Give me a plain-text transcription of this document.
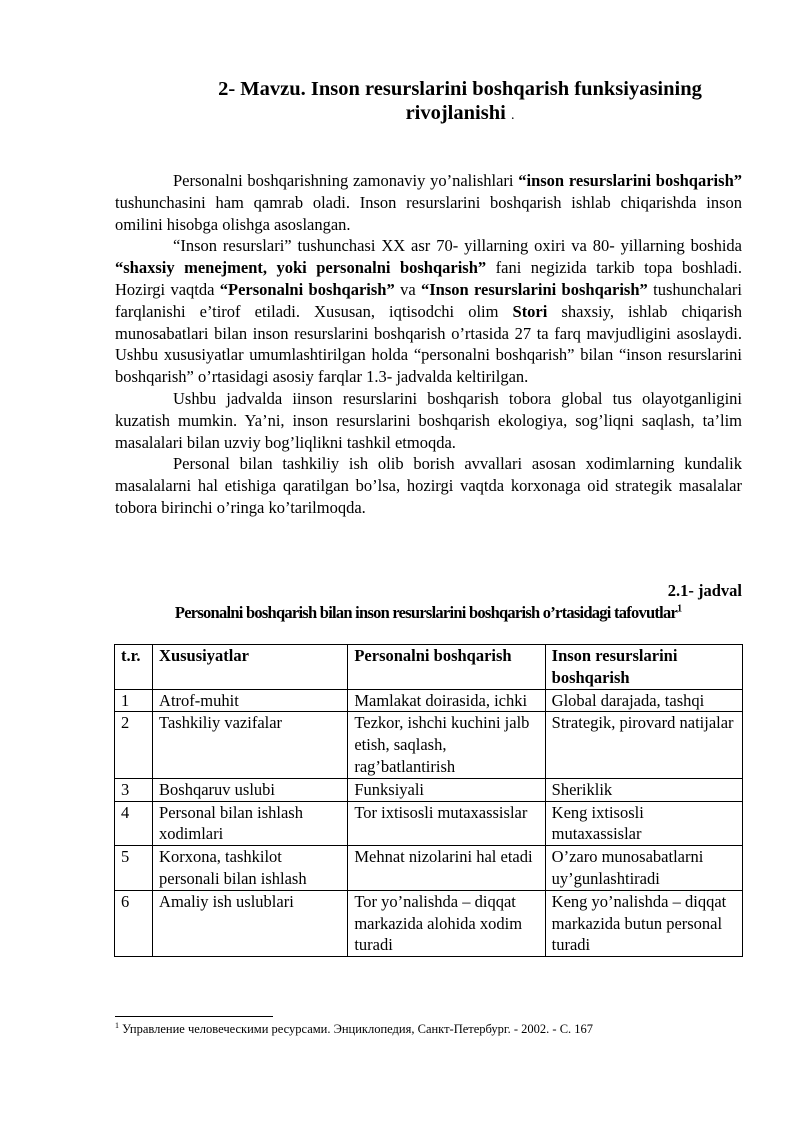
2- Mavzu. Inson resurslarini boshqarish funksiyasining
rivojlanishi .

Personalni boshqarishning zamonaviy yo’nalishlari “inson resurslarini boshqarish” tushunchasini ham qamrab oladi. Inson resurslarini boshqarish ishlab chiqarishda inson omilini hisobga olishga asoslangan.

“Inson resurslari” tushunchasi XX asr 70- yillarning oxiri va 80- yillarning boshida “shaxsiy menejment, yoki personalni boshqarish” fani negizida tarkib topa boshladi. Hozirgi vaqtda “Personalni boshqarish” va “Inson resurslarini boshqarish” tushunchalari farqlanishi e’tirof etiladi. Xususan, iqtisodchi olim Stori shaxsiy, ishlab chiqarish munosabatlari bilan inson resurslarini boshqarish o’rtasida 27 ta farq mavjudligini asoslaydi. Ushbu xususiyatlar umumlashtirilgan holda “personalni boshqarish” bilan “inson resurslarini boshqarish” o’rtasidagi asosiy farqlar 1.3- jadvalda keltirilgan.

Ushbu jadvalda iinson resurslarini boshqarish tobora global tus olayotganligini kuzatish mumkin. Ya’ni, inson resurslarini boshqarish ekologiya, sog’liqni saqlash, ta’lim masalalari bilan uzviy bog’liqlikni tashkil etmoqda.

Personal bilan tashkiliy ish olib borish avvallari asosan xodimlarning kundalik masalalarni hal etishiga qaratilgan bo’lsa, hozirgi vaqtda korxonaga oid strategik masalalar tobora birinchi o’ringa ko’tarilmoqda.

2.1- jadval
Personalni boshqarish bilan inson resurslarini boshqarish o’rtasidagi tafovutlar$^1$
t.r.	Xususiyatlar	Personalni boshqarish	Inson resurslarini boshqarish
1	Atrof-muhit	Mamlakat doirasida, ichki	Global darajada, tashqi
2	Tashkiliy vazifalar	Tezkor, ishchi kuchini jalb etish, saqlash, rag’batlantirish	Strategik, pirovard natijalar
3	Boshqaruv uslubi	Funksiyali	Sheriklik
4	Personal bilan ishlash xodimlari	Tor ixtisosli mutaxassislar	Keng ixtisosli mutaxassislar
5	Korxona, tashkilot personali bilan ishlash	Mehnat nizolarini hal etadi	O’zaro munosabatlarni uy’gunlashtiradi
6	Amaliy ish uslublari	Tor yo’nalishda – diqqat markazida alohida xodim turadi	Keng yo’nalishda – diqqat markazida butun personal turadi
$^1$ Управление человеческими ресурсами. Энциклопедия, Санкт-Петербург. - 2002. - С. 167
